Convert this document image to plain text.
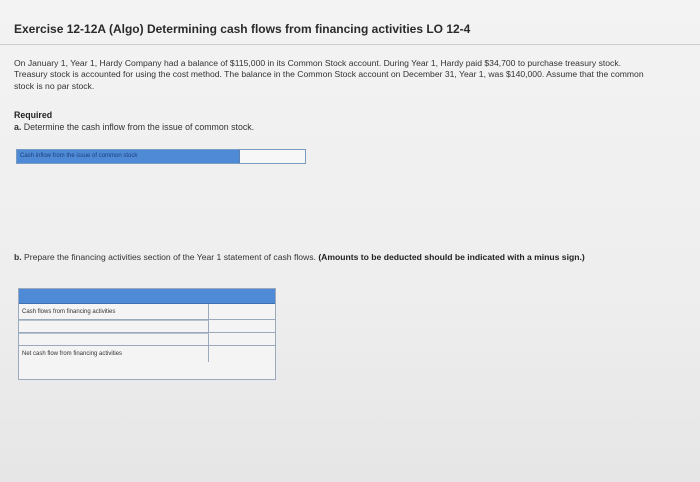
Exercise 12-12A (Algo) Determining cash flows from financing activities LO 12-4
On January 1, Year 1, Hardy Company had a balance of $115,000 in its Common Stock account. During Year 1, Hardy paid $34,700 to purchase treasury stock. Treasury stock is accounted for using the cost method. The balance in the Common Stock account on December 31, Year 1, was $140,000. Assume that the common stock is no par stock.
Required
a. Determine the cash inflow from the issue of common stock.
Cash inflow from the issue of common stock
b. Prepare the financing activities section of the Year 1 statement of cash flows. (Amounts to be deducted should be indicated with a minus sign.)
Cash flows from financing activities
Net cash flow from financing activities
